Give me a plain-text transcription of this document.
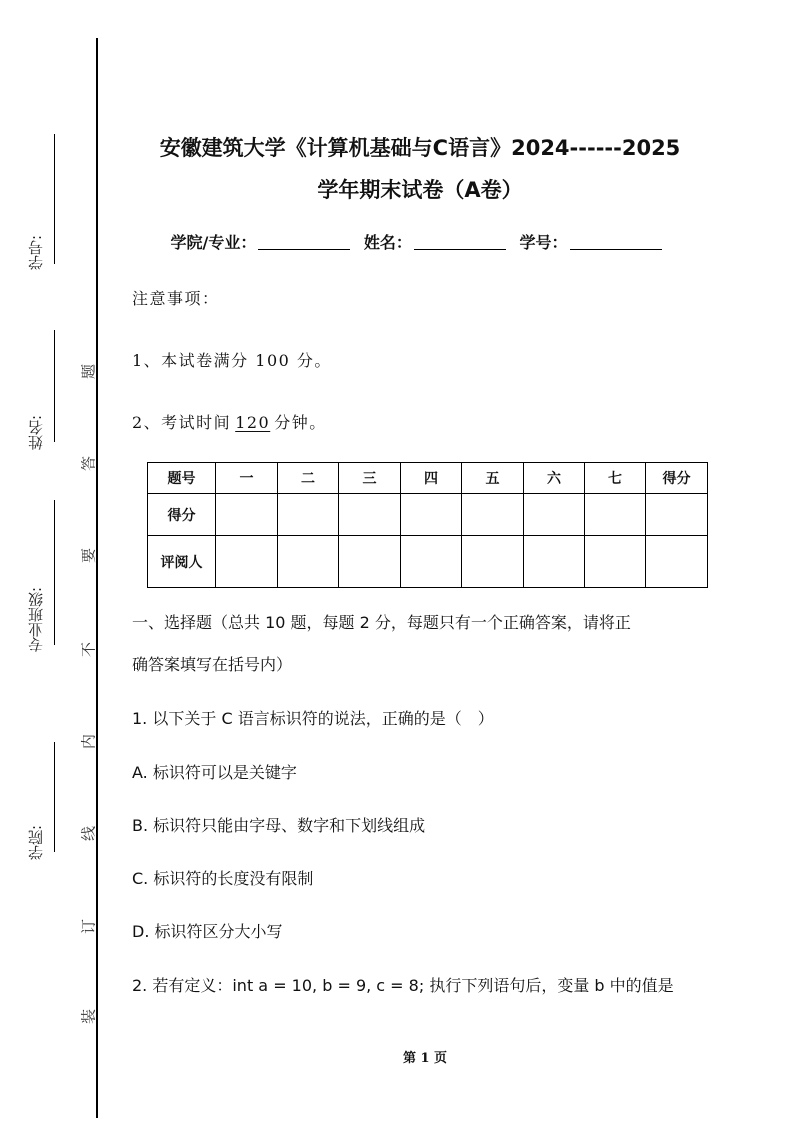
学号:
姓名:
专业班级:
学院:
题
答
要
不
内
线
订
装
安徽建筑大学《计算机基础与C语言》2024------2025
学年期末试卷（A卷）
学院/专业：	姓名：	学号：
注意事项：
1、本试卷满分 100 分。
2、考试时间 120 分钟。
题号	一	二	三	四	五	六	七	得分
得分								
评阅人								
一、选择题（总共 10 题，每题 2 分，每题只有一个正确答案，请将正
确答案填写在括号内）
1. 以下关于 C 语言标识符的说法，正确的是（　）
A. 标识符可以是关键字
B. 标识符只能由字母、数字和下划线组成
C. 标识符的长度没有限制
D. 标识符区分大小写
2. 若有定义：int a = 10, b = 9, c = 8; 执行下列语句后，变量 b 中的值是
第 1 页
